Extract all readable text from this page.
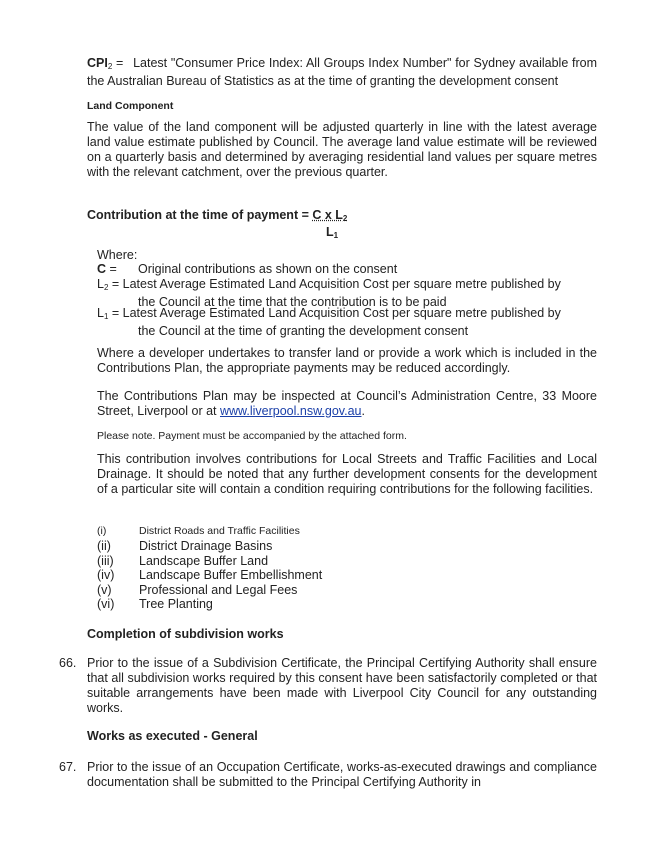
$CPI_2$ = Latest "Consumer Price Index: All Groups Index Number" for Sydney available from the Australian Bureau of Statistics as at the time of granting the development consent
Land Component
The value of the land component will be adjusted quarterly in line with the latest average land value estimate published by Council. The average land value estimate will be reviewed on a quarterly basis and determined by averaging residential land values per square metres with the relevant catchment, over the previous quarter.
Contribution at the time of payment = C x $L_2$
$L_1$
Where:
C = Original contributions as shown on the consent
$L_2$ = Latest Average Estimated Land Acquisition Cost per square metre published by
the Council at the time that the contribution is to be paid
$L_1$ = Latest Average Estimated Land Acquisition Cost per square metre published by
the Council at the time of granting the development consent
Where a developer undertakes to transfer land or provide a work which is included in the Contributions Plan, the appropriate payments may be reduced accordingly.
The Contributions Plan may be inspected at Council’s Administration Centre, 33 Moore Street, Liverpool or at www.liverpool.nsw.gov.au.
Please note. Payment must be accompanied by the attached form.
This contribution involves contributions for Local Streets and Traffic Facilities and Local Drainage. It should be noted that any further development consents for the development of a particular site will contain a condition requiring contributions for the following facilities.
(i)	District Roads and Traffic Facilities
(ii)	District Drainage Basins
(iii)	Landscape Buffer Land
(iv)	Landscape Buffer Embellishment
(v)	Professional and Legal Fees
(vi)	Tree Planting
Completion of subdivision works
66. Prior to the issue of a Subdivision Certificate, the Principal Certifying Authority shall ensure that all subdivision works required by this consent have been satisfactorily completed or that suitable arrangements have been made with Liverpool City Council for any outstanding works.
Works as executed - General
67. Prior to the issue of an Occupation Certificate, works-as-executed drawings and compliance documentation shall be submitted to the Principal Certifying Authority in
